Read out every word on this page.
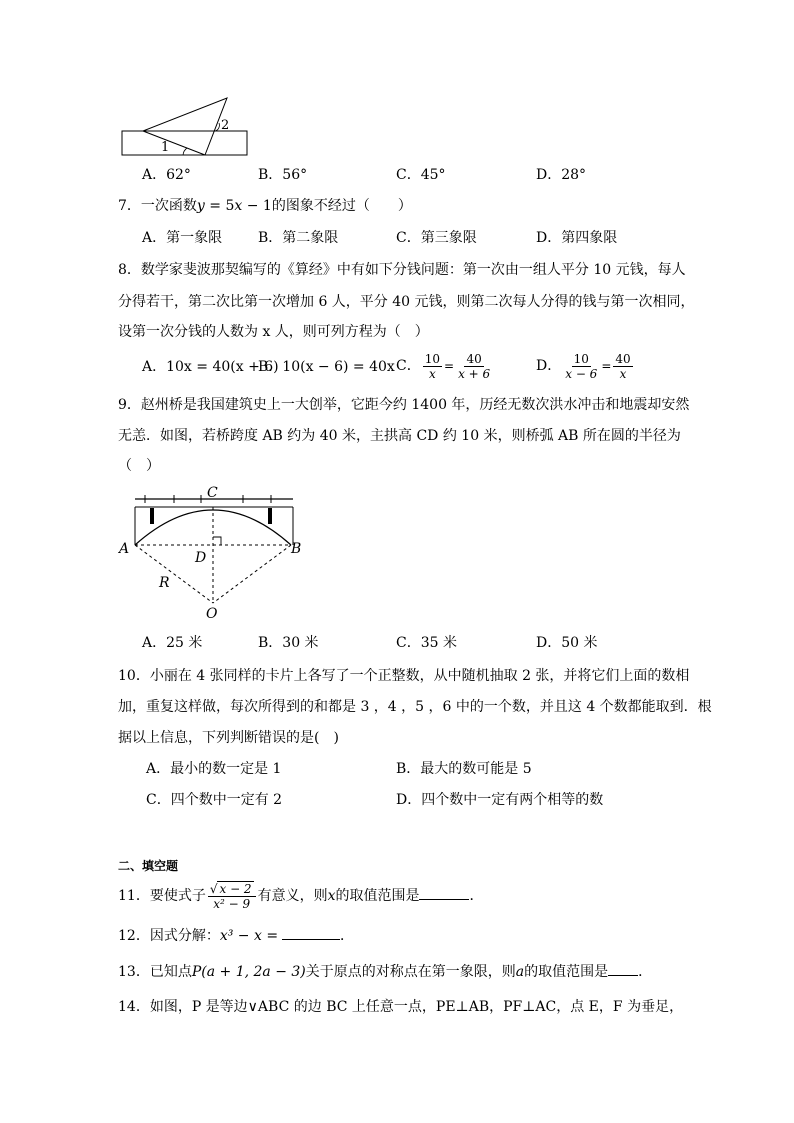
2
1
A．62°	B．56°	C．45°	D．28°
7．一次函数y = 5x − 1的图象不经过（　　）
A．第一象限	B．第二象限	C．第三象限	D．第四象限
8．数学家斐波那契编写的《算经》中有如下分钱问题：第一次由一组人平分 10 元钱，每人
分得若干，第二次比第一次增加 6 人，平分 40 元钱，则第二次每人分得的钱与第一次相同，
设第一次分钱的人数为 x 人，则可列方程为（　）
A．10x = 40(x + 6)
B．10(x − 6) = 40x C． $\frac{10}{x} = \frac{40}{x + 6}$	D． $\frac{10}{x - 6} = \frac{40}{x}$
9．赵州桥是我国建筑史上一大创举，它距今约 1400 年，历经无数次洪水冲击和地震却安然
无恙．如图，若桥跨度 AB 约为 40 米，主拱高 CD 约 10 米，则桥弧 AB 所在圆的半径为
（　）
C
A	B
D
R
O
A．25 米	B．30 米	C．35 米	D．50 米
10．小丽在 4 张同样的卡片上各写了一个正整数，从中随机抽取 2 张，并将它们上面的数相
加，重复这样做，每次所得到的和都是 3 ，4 ，5 ，6 中的一个数，并且这 4 个数都能取到．根
据以上信息，下列判断错误的是(　)
A．最小的数一定是 1	B．最大的数可能是 5
C．四个数中一定有 2	D．四个数中一定有两个相等的数
二、填空题
11．要使式子 $\frac{√ x - 2}{\text{x² − 9}}$ 有意义，则x的取值范围是	．
12．因式分解：x³ − x =	．
13．已知点P(a + 1, 2a − 3)关于原点的对称点在第一象限，则a的取值范围是 ．
14．如图，P 是等边∨ABC 的边 BC 上任意一点，PE⊥AB，PF⊥AC，点 E，F 为垂足，
